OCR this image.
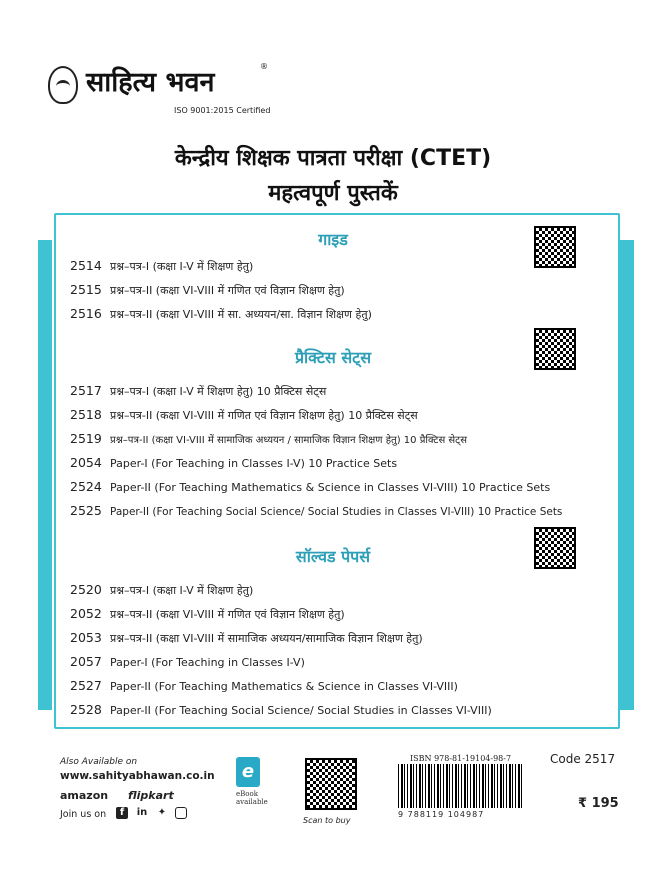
साहित्य भवन
®
ISO 9001:2015 Certified
केन्द्रीय शिक्षक पात्रता परीक्षा (CTET)
महत्वपूर्ण पुस्तकें
गाइड
2514 प्रश्न–पत्र-I (कक्षा I-V में शिक्षण हेतु)
2515 प्रश्न–पत्र-II (कक्षा VI-VIII में गणित एवं विज्ञान शिक्षण हेतु)
2516 प्रश्न–पत्र-II (कक्षा VI-VIII में सा. अध्ययन/सा. विज्ञान शिक्षण हेतु)
प्रैक्टिस सेट्स
2517 प्रश्न–पत्र-I (कक्षा I-V में शिक्षण हेतु) 10 प्रैक्टिस सेट्स
2518 प्रश्न–पत्र-II (कक्षा VI-VIII में गणित एवं विज्ञान शिक्षण हेतु) 10 प्रैक्टिस सेट्स
2519 प्रश्न–पत्र-II (कक्षा VI-VIII में सामाजिक अध्ययन / सामाजिक विज्ञान शिक्षण हेतु) 10 प्रैक्टिस सेट्स
2054 Paper-I (For Teaching in Classes I-V) 10 Practice Sets
2524 Paper-II (For Teaching Mathematics & Science in Classes VI-VIII) 10 Practice Sets
2525 Paper-II (For Teaching Social Science/ Social Studies in Classes VI-VIII) 10 Practice Sets
सॉल्वड पेपर्स
2520 प्रश्न–पत्र-I (कक्षा I-V में शिक्षण हेतु)
2052 प्रश्न–पत्र-II (कक्षा VI-VIII में गणित एवं विज्ञान शिक्षण हेतु)
2053 प्रश्न–पत्र-II (कक्षा VI-VIII में सामाजिक अध्ययन/सामाजिक विज्ञान शिक्षण हेतु)
2057 Paper-I (For Teaching in Classes I-V)
2527 Paper-II (For Teaching Mathematics & Science in Classes VI-VIII)
2528 Paper-II (For Teaching Social Science/ Social Studies in Classes VI-VIII)
Also Available on
www.sahityabhawan.co.in
amazon flipkart
Join us on	f	in ✦
e
eBook
available
Scan to buy
ISBN 978-81-19104-98-7
9 788119 104987
Code 2517
₹ 195
